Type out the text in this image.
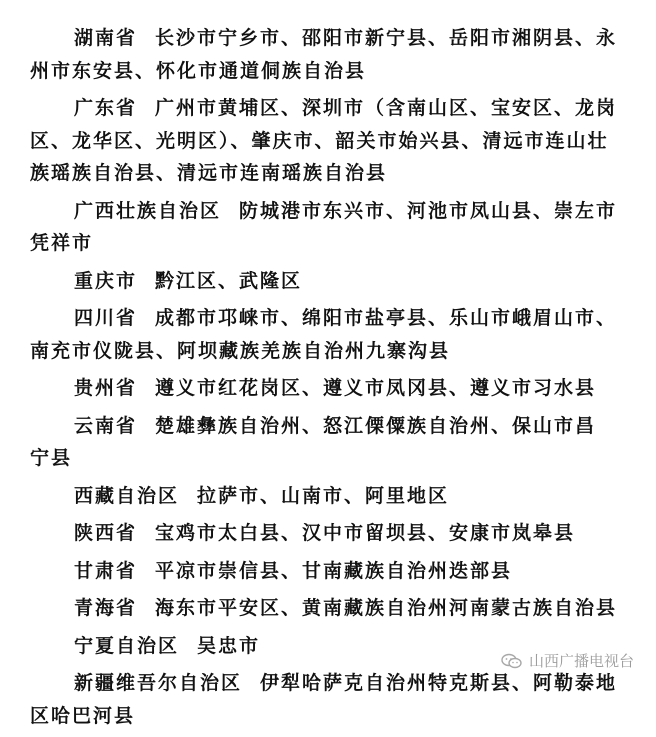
湖南省 长沙市宁乡市、邵阳市新宁县、岳阳市湘阴县、永
州市东安县、怀化市通道侗族自治县
广东省 广州市黄埔区、深圳市（含南山区、宝安区、龙岗
区、龙华区、光明区）、肇庆市、韶关市始兴县、清远市连山壮
族瑶族自治县、清远市连南瑶族自治县
广西壮族自治区 防城港市东兴市、河池市凤山县、崇左市
凭祥市
重庆市 黔江区、武隆区
四川省 成都市邛崃市、绵阳市盐亭县、乐山市峨眉山市、
南充市仪陇县、阿坝藏族羌族自治州九寨沟县
贵州省 遵义市红花岗区、遵义市凤冈县、遵义市习水县
云南省 楚雄彝族自治州、怒江傈僳族自治州、保山市昌
宁县
西藏自治区 拉萨市、山南市、阿里地区
陕西省 宝鸡市太白县、汉中市留坝县、安康市岚皋县
甘肃省 平凉市崇信县、甘南藏族自治州迭部县
青海省 海东市平安区、黄南藏族自治州河南蒙古族自治县
宁夏自治区 吴忠市
新疆维吾尔自治区 伊犁哈萨克自治州特克斯县、阿勒泰地
区哈巴河县
山西广播电视台
